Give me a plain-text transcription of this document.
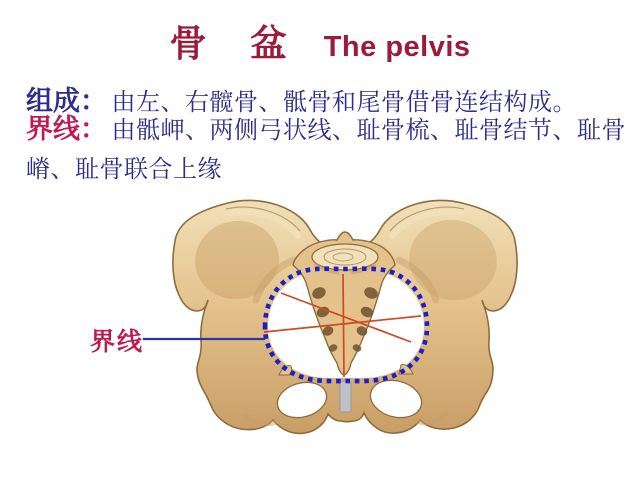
骨 盆 The pelvis

组成： 由左、右髋骨、骶骨和尾骨借骨连结构成。

界线： 由骶岬、两侧弓状线、耻骨梳、耻骨结节、耻骨
嵴、耻骨联合上缘
界线
